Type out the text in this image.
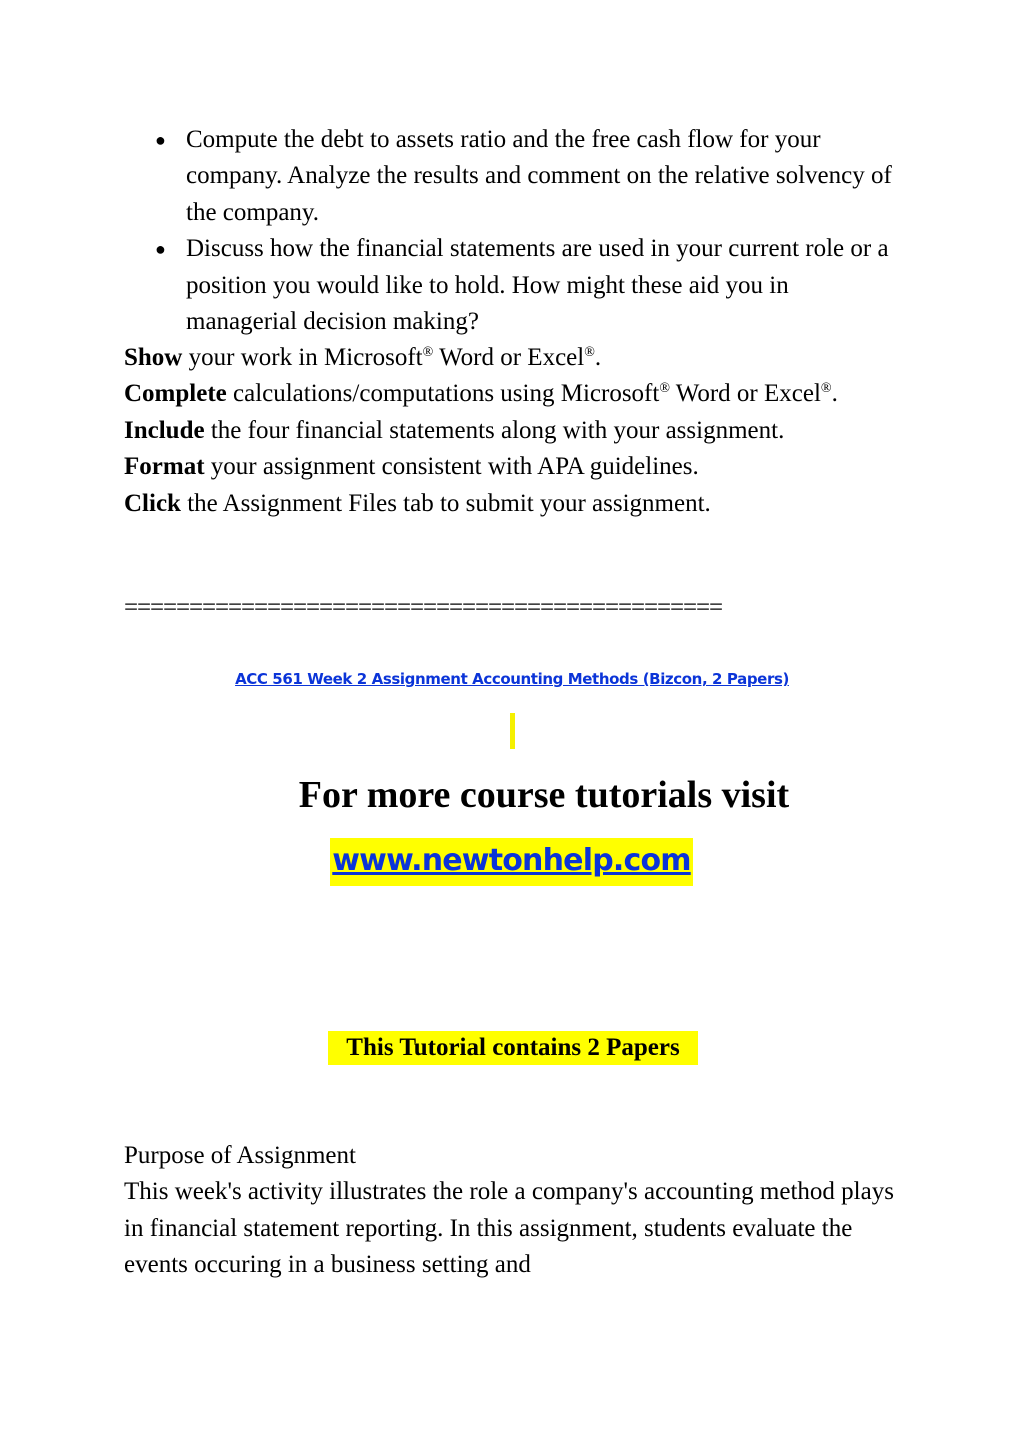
● Compute the debt to assets ratio and the free cash flow for your company. Analyze the results and comment on the relative solvency of the company.
● Discuss how the financial statements are used in your current role or a position you would like to hold. How might these aid you in managerial decision making?

Show your work in Microsoft® Word or Excel®.

Complete calculations/computations using Microsoft® Word or Excel®.

Include the four financial statements along with your assignment.

Format your assignment consistent with APA guidelines.

Click the Assignment Files tab to submit your assignment.

==============================================
ACC 561 Week 2 Assignment Accounting Methods (Bizcon, 2 Papers)
For more course tutorials visit
www.newtonhelp.com
This Tutorial contains 2 Papers

Purpose of Assignment

This week's activity illustrates the role a company's accounting method plays in financial statement reporting. In this assignment, students evaluate the events occuring in a business setting and
